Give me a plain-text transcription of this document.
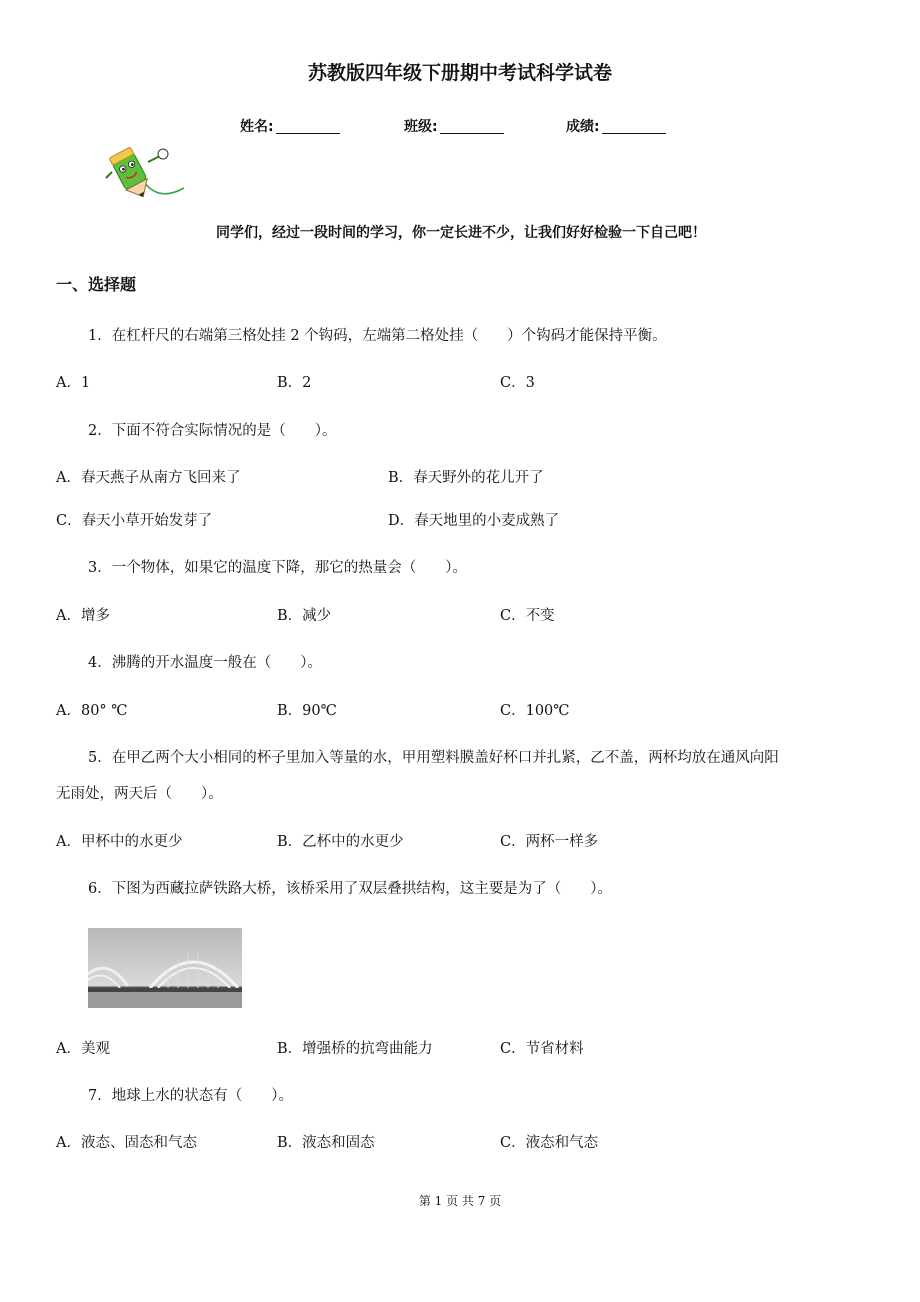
苏教版四年级下册期中考试科学试卷
姓名:	班级:	成绩:
同学们，经过一段时间的学习，你一定长进不少，让我们好好检验一下自己吧！
一、选择题
1．在杠杆尺的右端第三格处挂 2 个钩码，左端第二格处挂（　　）个钩码才能保持平衡。
A．1	B．2	C．3
2．下面不符合实际情况的是（　　）。
A．春天燕子从南方飞回来了	B．春天野外的花儿开了
C．春天小草开始发芽了	D．春天地里的小麦成熟了
3．一个物体，如果它的温度下降，那它的热量会（　　）。
A．增多	B．减少	C．不变
4．沸腾的开水温度一般在（　　）。
A．80° ℃	B．90℃	C．100℃
5．在甲乙两个大小相同的杯子里加入等量的水，甲用塑料膜盖好杯口并扎紧，乙不盖，两杯均放在通风向阳
无雨处，两天后（　　）。
A．甲杯中的水更少	B．乙杯中的水更少	C．两杯一样多
6．下图为西藏拉萨铁路大桥，该桥采用了双层叠拱结构，这主要是为了（　　）。
A．美观	B．增强桥的抗弯曲能力	C．节省材料
7．地球上水的状态有（　　）。
A．液态、固态和气态	B．液态和固态	C．液态和气态
第 1 页 共 7 页
